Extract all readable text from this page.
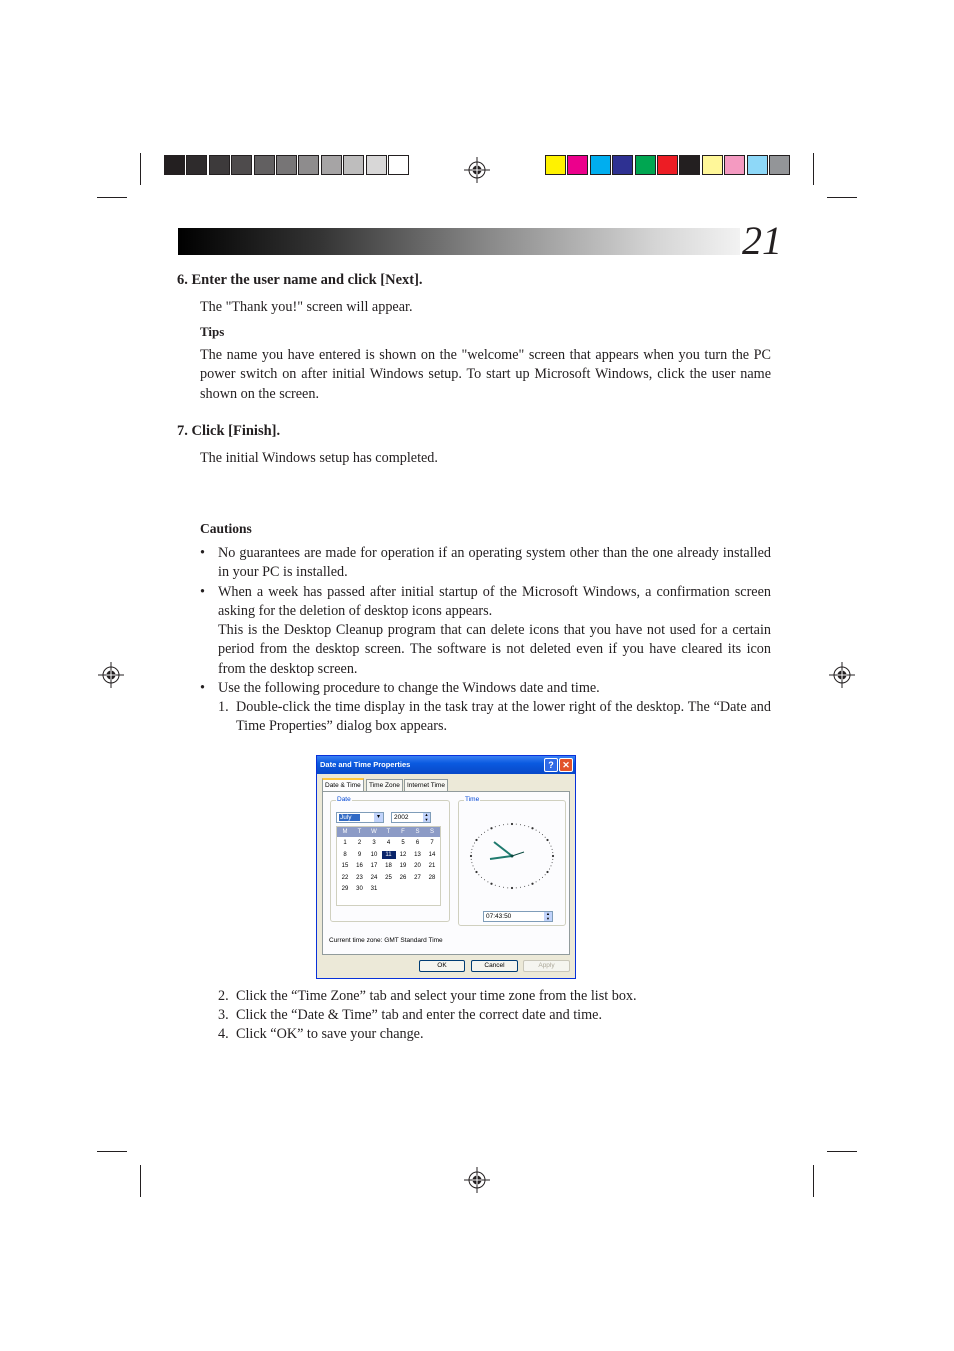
21
6. Enter the user name and click [Next].
The "Thank you!" screen will appear.
Tips
The name you have entered is shown on the "welcome" screen that appears when you turn the PC power switch on after initial Windows setup. To start up Microsoft Windows, click the user name shown on the screen.
7. Click [Finish].
The initial Windows setup has completed.
Cautions
• No guarantees are made for operation if an operating system other than the one already installed in your PC is installed.
• When a week has passed after initial startup of the Microsoft Windows, a confirmation screen asking for the deletion of desktop icons appears.
This is the Desktop Cleanup program that can delete icons that you have not used for a certain period from the desktop screen. The software is not deleted even if you have cleared its icon from the desktop screen.
• Use the following procedure to change the Windows date and time.
1. Double-click the time display in the task tray at the lower right of the desktop. The “Date and Time Properties” dialog box appears.
Date and Time Properties	? ✕
Date & Time	Time Zone	Internet Time
Date
July	▾	2002	▲
▼
M	T	W	T	F	S	S
1	2	3	4	5	6	7
8	9	10	11	12	13	14
15	16	17	18	19	20	21
22	23	24	25	26	27	28
29	30	31
Time
07:43:50	▲
▼
Current time zone: GMT Standard Time
OK	Cancel	Apply
2. Click the “Time Zone” tab and select your time zone from the list box.
3. Click the “Date & Time” tab and enter the correct date and time.
4. Click “OK” to save your change.
